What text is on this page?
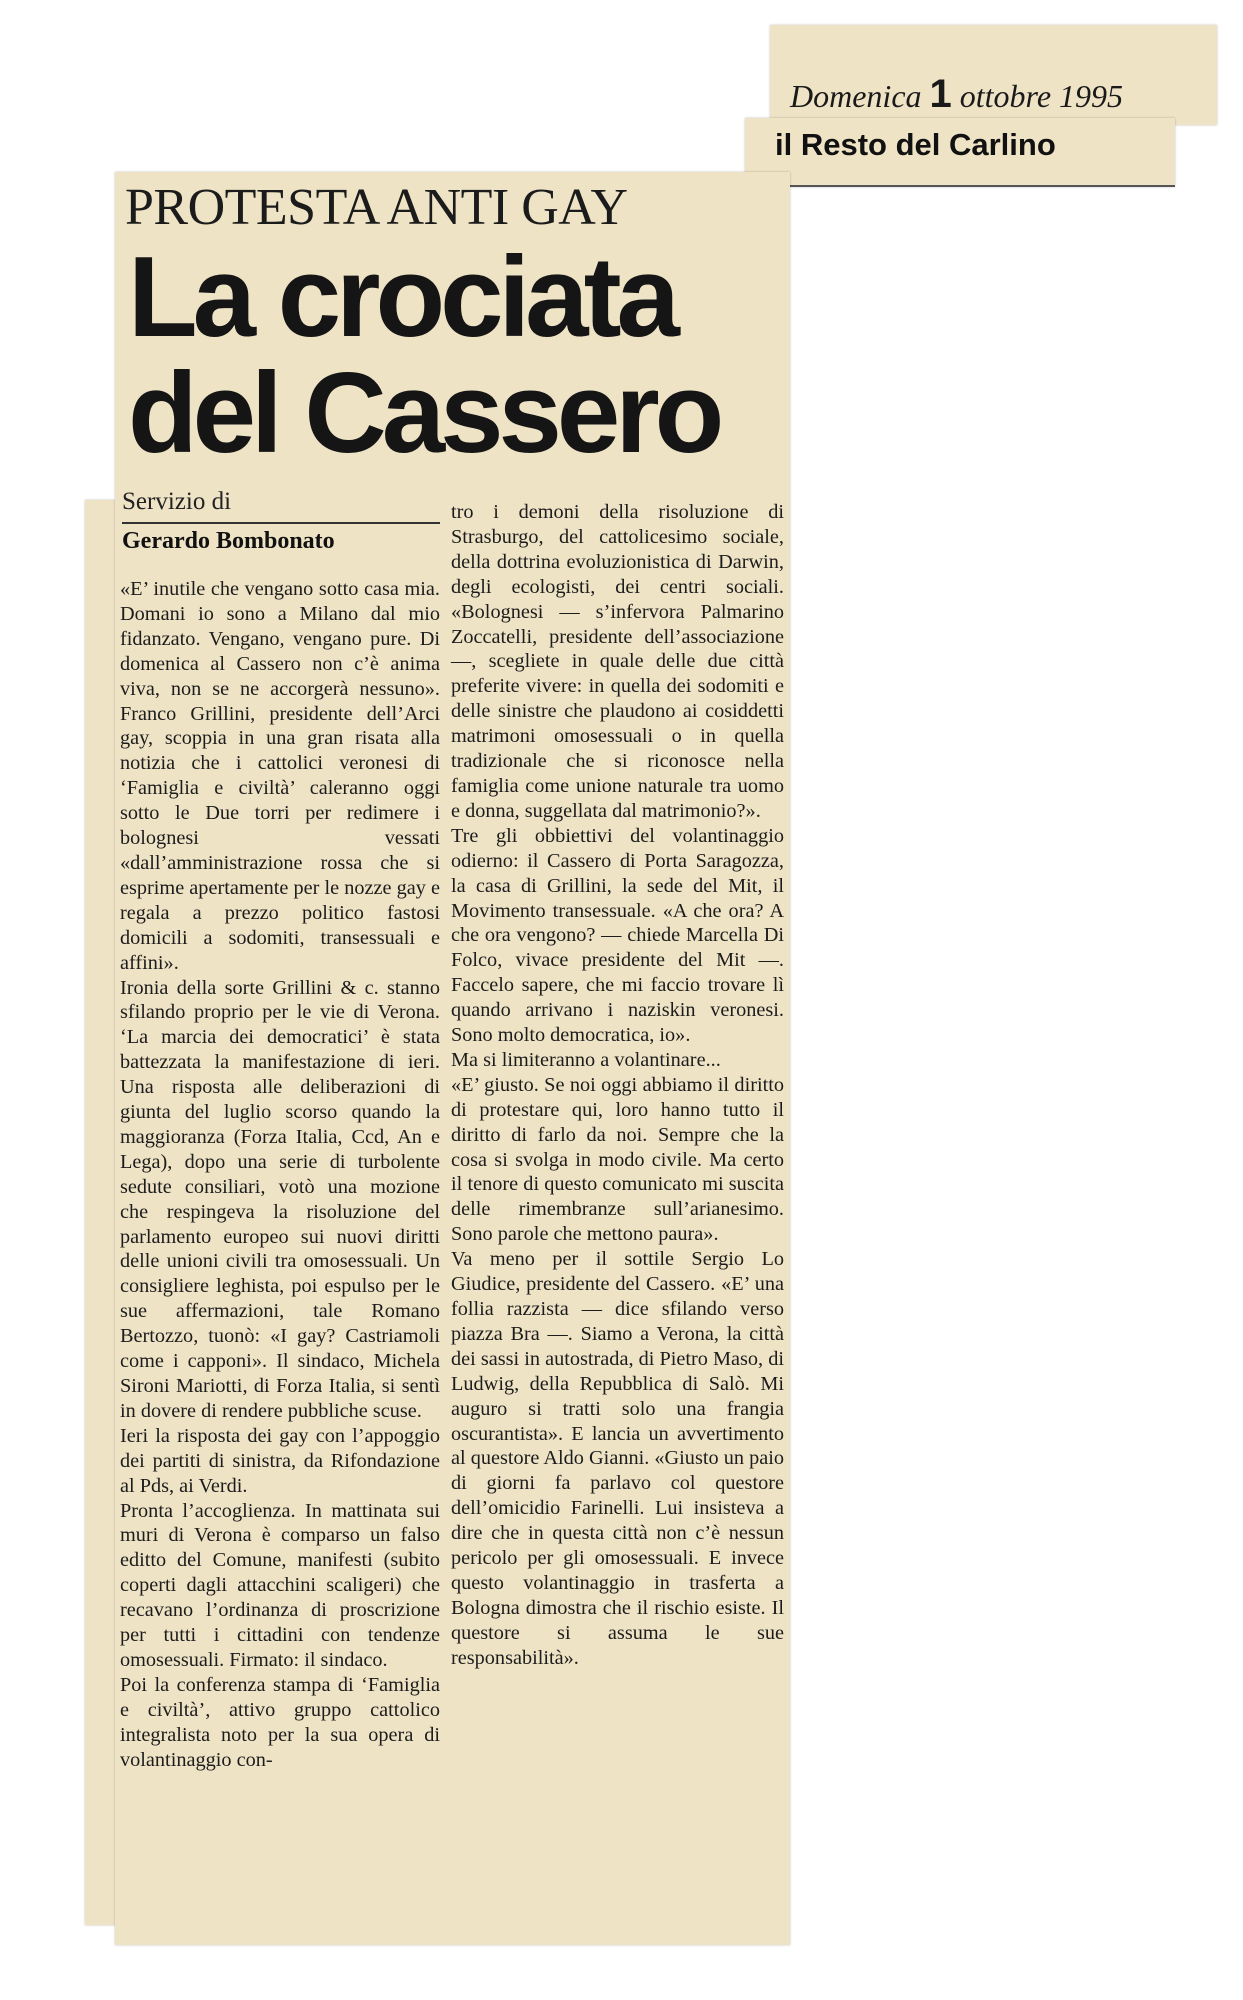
Domenica 1 ottobre 1995
il Resto del Carlino
PROTESTA ANTI GAY
La crociata
del Cassero
Servizio di
Gerardo Bombonato

«E’ inutile che vengano sotto casa mia. Domani io sono a Milano dal mio fidanzato. Vengano, vengano pure. Di domenica al Cassero non c’è anima viva, non se ne accorgerà nessuno». Franco Grillini, presidente dell’Arci gay, scoppia in una gran risata alla notizia che i cattolici veronesi di ‘Famiglia e civiltà’ caleranno oggi sotto le Due torri per redimere i bolognesi vessati «dall’amministrazione rossa che si esprime apertamente per le nozze gay e regala a prezzo politico fastosi domicili a sodomiti, transessuali e affini».

Ironia della sorte Grillini & c. stanno sfilando proprio per le vie di Verona. ‘La marcia dei democratici’ è stata battezzata la manifestazione di ieri. Una risposta alle deliberazioni di giunta del luglio scorso quando la maggioranza (Forza Italia, Ccd, An e Lega), dopo una serie di turbolente sedute consiliari, votò una mozione che respingeva la risoluzione del parlamento europeo sui nuovi diritti delle unioni civili tra omosessuali. Un consigliere leghista, poi espulso per le sue affermazioni, tale Romano Bertozzo, tuonò: «I gay? Castriamoli come i capponi». Il sindaco, Michela Sironi Mariotti, di Forza Italia, si sentì in dovere di rendere pubbliche scuse.

Ieri la risposta dei gay con l’appoggio dei partiti di sinistra, da Rifondazione al Pds, ai Verdi.

Pronta l’accoglienza. In mattinata sui muri di Verona è comparso un falso editto del Comune, manifesti (subito coperti dagli attacchini scaligeri) che recavano l’ordinanza di proscrizione per tutti i cittadini con tendenze omosessuali. Firmato: il sindaco.

Poi la conferenza stampa di ‘Famiglia e civiltà’, attivo gruppo cattolico integralista noto per la sua opera di volantinaggio con-

tro i demoni della risoluzione di Strasburgo, del cattolicesimo sociale, della dottrina evoluzionistica di Darwin, degli ecologisti, dei centri sociali. «Bolognesi — s’infervora Palmarino Zoccatelli, presidente dell’associazione —, scegliete in quale delle due città preferite vivere: in quella dei sodomiti e delle sinistre che plaudono ai cosiddetti matrimoni omosessuali o in quella tradizionale che si riconosce nella famiglia come unione naturale tra uomo e donna, suggellata dal matrimonio?».

Tre gli obbiettivi del volantinaggio odierno: il Cassero di Porta Saragozza, la casa di Grillini, la sede del Mit, il Movimento transessuale. «A che ora? A che ora vengono? — chiede Marcella Di Folco, vivace presidente del Mit —. Faccelo sapere, che mi faccio trovare lì quando arrivano i naziskin veronesi. Sono molto democratica, io».

Ma si limiteranno a volantinare...

«E’ giusto. Se noi oggi abbiamo il diritto di protestare qui, loro hanno tutto il diritto di farlo da noi. Sempre che la cosa si svolga in modo civile. Ma certo il tenore di questo comunicato mi suscita delle rimembranze sull’arianesimo. Sono parole che mettono paura».

Va meno per il sottile Sergio Lo Giudice, presidente del Cassero. «E’ una follia razzista — dice sfilando verso piazza Bra —. Siamo a Verona, la città dei sassi in autostrada, di Pietro Maso, di Ludwig, della Repubblica di Salò. Mi auguro si tratti solo una frangia oscurantista». E lancia un avvertimento al questore Aldo Gianni. «Giusto un paio di giorni fa parlavo col questore dell’omicidio Farinelli. Lui insisteva a dire che in questa città non c’è nessun pericolo per gli omosessuali. E invece questo volantinaggio in trasferta a Bologna dimostra che il rischio esiste. Il questore si assuma le sue responsabilità».
